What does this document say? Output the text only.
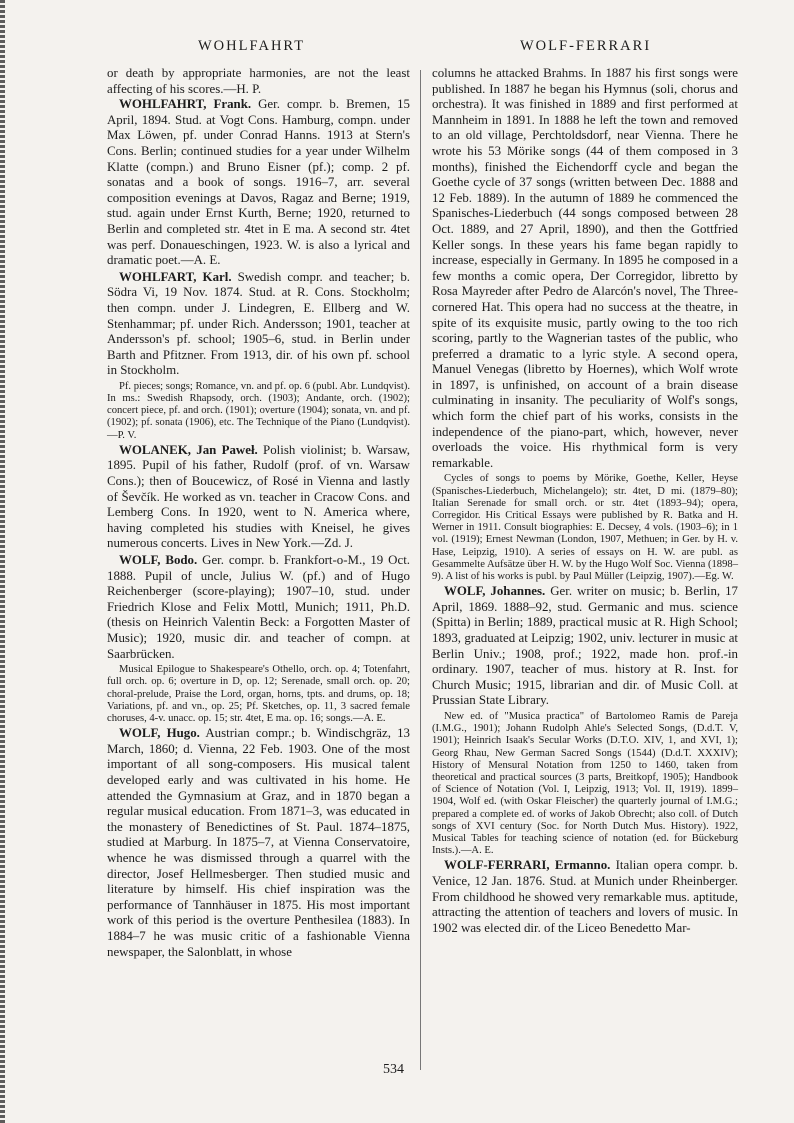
WOHLFAHRT	WOLF-FERRARI

or death by appropriate harmonies, are not the least affecting of his scores.—H. P.

WOHLFAHRT, Frank. Ger. compr. b. Bremen, 15 April, 1894. Stud. at Vogt Cons. Hamburg, compn. under Max Löwen, pf. under Conrad Hanns. 1913 at Stern's Cons. Berlin; continued studies for a year under Wilhelm Klatte (compn.) and Bruno Eisner (pf.); comp. 2 pf. sonatas and a book of songs. 1916–7, arr. several composition evenings at Davos, Ragaz and Berne; 1919, stud. again under Ernst Kurth, Berne; 1920, returned to Berlin and completed str. 4tet in E ma. A second str. 4tet was perf. Donaueschingen, 1923. W. is also a lyrical and dramatic poet.—A. E.

WOHLFART, Karl. Swedish compr. and teacher; b. Södra Vi, 19 Nov. 1874. Stud. at R. Cons. Stockholm; then compn. under J. Lindegren, E. Ellberg and W. Stenhammar; pf. under Rich. Andersson; 1901, teacher at Andersson's pf. school; 1905–6, stud. in Berlin under Barth and Pfitzner. From 1913, dir. of his own pf. school in Stockholm.

Pf. pieces; songs; Romance, vn. and pf. op. 6 (publ. Abr. Lundqvist). In ms.: Swedish Rhapsody, orch. (1903); Andante, orch. (1902); concert piece, pf. and orch. (1901); overture (1904); sonata, vn. and pf. (1902); pf. sonata (1906), etc. The Technique of the Piano (Lundqvist).—P. V.

WOLANEK, Jan Paweł. Polish violinist; b. Warsaw, 1895. Pupil of his father, Rudolf (prof. of vn. Warsaw Cons.); then of Boucewicz, of Rosé in Vienna and lastly of Ševčík. He worked as vn. teacher in Cracow Cons. and Lemberg Cons. In 1920, went to N. America where, having completed his studies with Kneisel, he gives numerous concerts. Lives in New York.—Zd. J.

WOLF, Bodo. Ger. compr. b. Frankfort-o-M., 19 Oct. 1888. Pupil of uncle, Julius W. (pf.) and of Hugo Reichenberger (score-playing); 1907–10, stud. under Friedrich Klose and Felix Mottl, Munich; 1911, Ph.D. (thesis on Heinrich Valentin Beck: a Forgotten Master of Music); 1920, music dir. and teacher of compn. at Saarbrücken.

Musical Epilogue to Shakespeare's Othello, orch. op. 4; Totenfahrt, full orch. op. 6; overture in D, op. 12; Serenade, small orch. op. 20; choral-prelude, Praise the Lord, organ, horns, tpts. and drums, op. 18; Variations, pf. and vn., op. 25; Pf. Sketches, op. 11, 3 sacred female choruses, 4-v. unacc. op. 15; str. 4tet, E ma. op. 16; songs.—A. E.

WOLF, Hugo. Austrian compr.; b. Windischgräz, 13 March, 1860; d. Vienna, 22 Feb. 1903. One of the most important of all song-composers. His musical talent developed early and was cultivated in his home. He attended the Gymnasium at Graz, and in 1870 began a regular musical education. From 1871–3, was educated in the monastery of Benedictines of St. Paul. 1874–1875, studied at Marburg. In 1875–7, at Vienna Conservatoire, whence he was dismissed through a quarrel with the director, Josef Hellmesberger. Then studied music and literature by himself. His chief inspiration was the performance of Tannhäuser in 1875. His most important work of this period is the overture Penthesilea (1883). In 1884–7 he was music critic of a fashionable Vienna newspaper, the Salonblatt, in whose

columns he attacked Brahms. In 1887 his first songs were published. In 1887 he began his Hymnus (soli, chorus and orchestra). It was finished in 1889 and first performed at Mannheim in 1891. In 1888 he left the town and removed to an old village, Perchtoldsdorf, near Vienna. There he wrote his 53 Mörike songs (44 of them composed in 3 months), finished the Eichendorff cycle and began the Goethe cycle of 37 songs (written between Dec. 1888 and 12 Feb. 1889). In the autumn of 1889 he commenced the Spanisches-Liederbuch (44 songs composed between 28 Oct. 1889, and 27 April, 1890), and then the Gottfried Keller songs. In these years his fame began rapidly to increase, especially in Germany. In 1895 he composed in a few months a comic opera, Der Corregidor, libretto by Rosa Mayreder after Pedro de Alarcón's novel, The Three-cornered Hat. This opera had no success at the theatre, in spite of its exquisite music, partly owing to the too rich scoring, partly to the Wagnerian tastes of the public, who preferred a dramatic to a lyric style. A second opera, Manuel Venegas (libretto by Hoernes), which Wolf wrote in 1897, is unfinished, on account of a brain disease culminating in insanity. The peculiarity of Wolf's songs, which form the chief part of his works, consists in the independence of the piano-part, which, however, never overloads the voice. His rhythmical form is very remarkable.

Cycles of songs to poems by Mörike, Goethe, Keller, Heyse (Spanisches-Liederbuch, Michelangelo); str. 4tet, D mi. (1879–80); Italian Serenade for small orch. or str. 4tet (1893–94); opera, Corregidor. His Critical Essays were published by R. Batka and H. Werner in 1911. Consult biographies: E. Decsey, 4 vols. (1903–6); in 1 vol. (1919); Ernest Newman (London, 1907, Methuen; in Ger. by H. v. Hase, Leipzig, 1910). A series of essays on H. W. are publ. as Gesammelte Aufsätze über H. W. by the Hugo Wolf Soc. Vienna (1898–9). A list of his works is publ. by Paul Müller (Leipzig, 1907).—Eg. W.

WOLF, Johannes. Ger. writer on music; b. Berlin, 17 April, 1869. 1888–92, stud. Germanic and mus. science (Spitta) in Berlin; 1889, practical music at R. High School; 1893, graduated at Leipzig; 1902, univ. lecturer in music at Berlin Univ.; 1908, prof.; 1922, made hon. prof.-in ordinary. 1907, teacher of mus. history at R. Inst. for Church Music; 1915, librarian and dir. of Music Coll. at Prussian State Library.

New ed. of "Musica practica" of Bartolomeo Ramis de Pareja (I.M.G., 1901); Johann Rudolph Ahle's Selected Songs, (D.d.T. V, 1901); Heinrich Isaak's Secular Works (D.T.O. XIV, 1, and XVI, 1); Georg Rhau, New German Sacred Songs (1544) (D.d.T. XXXIV); History of Mensural Notation from 1250 to 1460, taken from theoretical and practical sources (3 parts, Breitkopf, 1905); Handbook of Science of Notation (Vol. I, Leipzig, 1913; Vol. II, 1919). 1899–1904, Wolf ed. (with Oskar Fleischer) the quarterly journal of I.M.G.; prepared a complete ed. of works of Jakob Obrecht; also coll. of Dutch songs of XVI century (Soc. for North Dutch Mus. History). 1922, Musical Tables for teaching science of notation (ed. for Bückeburg Insts.).—A. E.

WOLF-FERRARI, Ermanno. Italian opera compr. b. Venice, 12 Jan. 1876. Stud. at Munich under Rheinberger. From childhood he showed very remarkable mus. aptitude, attracting the attention of teachers and lovers of music. In 1902 was elected dir. of the Liceo Benedetto Mar-

534
